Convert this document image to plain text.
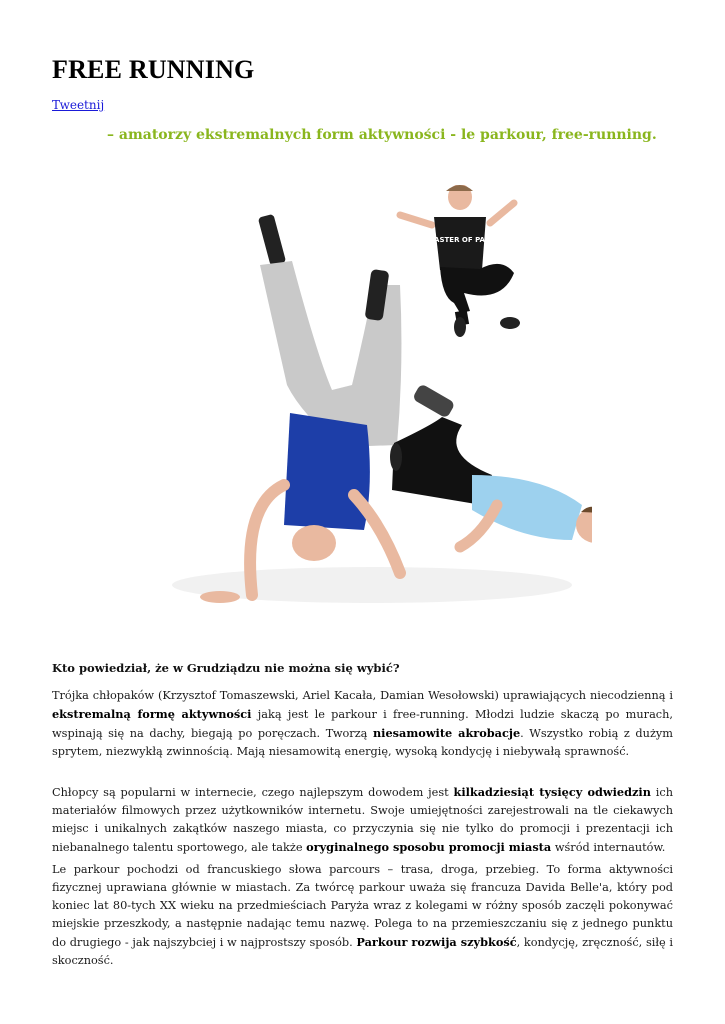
FREE RUNNING
Tweetnij
– amatorzy ekstremalnych form aktywności - le parkour, free-running.
MASTER OF PACE

Kto powiedział, że w Grudziądzu nie można się wybić?

Trójka chłopaków (Krzysztof Tomaszewski, Ariel Kacała, Damian Wesołowski) uprawiających niecodzienną i ekstremalną formę aktywności jaką jest le parkour i free-running. Młodzi ludzie skaczą po murach, wspinają się na dachy, biegają po poręczach. Tworzą niesamowite akrobacje. Wszystko robią z dużym sprytem, niezwykłą zwinnością. Mają niesamowitą energię, wysoką kondycję i niebywałą sprawność.

Chłopcy są popularni w internecie, czego najlepszym dowodem jest kilkadziesiąt tysięcy odwiedzin ich materiałów filmowych przez użytkowników internetu. Swoje umiejętności zarejestrowali na tle ciekawych miejsc i unikalnych zakątków naszego miasta, co przyczynia się nie tylko do promocji i prezentacji ich niebanalnego talentu sportowego, ale także oryginalnego sposobu promocji miasta wśród internautów.

Le parkour pochodzi od francuskiego słowa parcours – trasa, droga, przebieg. To forma aktywności fizycznej uprawiana głównie w miastach. Za twórcę parkour uważa się francuza Davida Belle'a, który pod koniec lat 80-tych XX wieku na przedmieściach Paryża wraz z kolegami w różny sposób zaczęli pokonywać miejskie przeszkody, a następnie nadając temu nazwę. Polega to na przemieszczaniu się z jednego punktu do drugiego - jak najszybciej i w najprostszy sposób. Parkour rozwija szybkość, kondycję, zręczność, siłę i skoczność.
